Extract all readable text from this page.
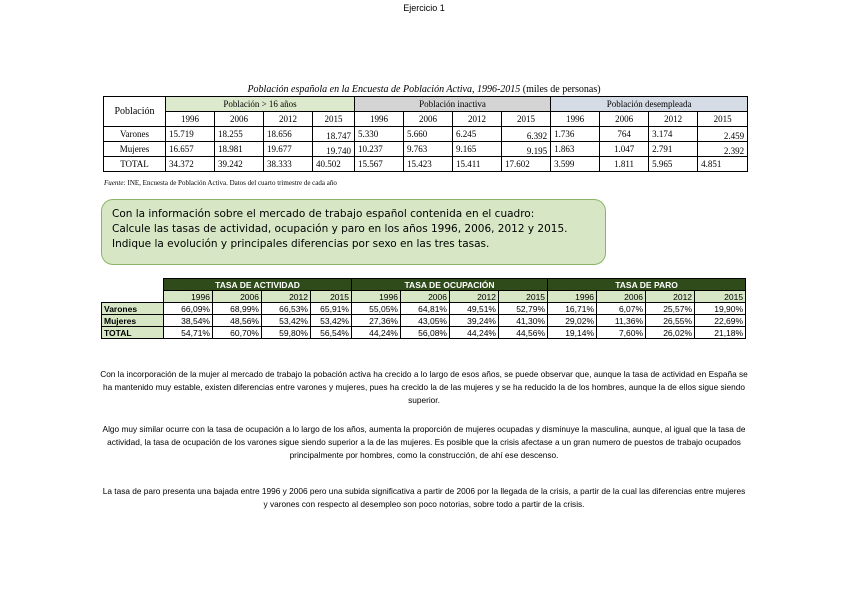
Ejercicio 1
Población española en la Encuesta de Población Activa, 1996-2015 (miles de personas)
Población	Población > 16 años				Población inactiva				Población desempleada			
	1996	2006	2012	2015	1996	2006	2012	2015	1996	2006	2012	2015
Varones	15.719	18.255	18.656	18.747	5.330	5.660	6.245	6.392	1.736	764	3.174	2.459
Mujeres	16.657	18.981	19.677	19.740	10.237	9.763	9.165	9.195	1.863	1.047	2.791	2.392
TOTAL	34.372	39.242	38.333	40.502	15.567	15.423	15.411	17.602	3.599	1.811	5.965	4.851
Fuente: INE, Encuesta de Población Activa. Datos del cuarto trimestre de cada año
Con la información sobre el mercado de trabajo español contenida en el cuadro:
Calcule las tasas de actividad, ocupación y paro en los años 1996, 2006, 2012 y 2015.
Indique la evolución y principales diferencias por sexo en las tres tasas.
	TASA DE ACTIVIDAD				TASA DE OCUPACIÓN				TASA DE PARO			
	1996	2006	2012	2015	1996	2006	2012	2015	1996	2006	2012	2015
Varones	66,09%	68,99%	66,53%	65,91%	55,05%	64,81%	49,51%	52,79%	16,71%	6,07%	25,57%	19,90%
Mujeres	38,54%	48,56%	53,42%	53,42%	27,36%	43,05%	39,24%	41,30%	29,02%	11,36%	26,55%	22,69%
TOTAL	54,71%	60,70%	59,80%	56,54%	44,24%	56,08%	44,24%	44,56%	19,14%	7,60%	26,02%	21,18%
Con la incorporación de la mujer al mercado de trabajo la pobación activa ha crecido a lo largo de esos años, se puede observar que, aunque la tasa de actividad en España se ha mantenido muy estable, existen diferencias entre varones y mujeres, pues ha crecido la de las mujeres y se ha reducido la de los hombres, aunque la de ellos sigue siendo superior.
Algo muy similar ocurre con la tasa de ocupación a lo largo de los años, aumenta la proporción de mujeres ocupadas y disminuye la masculina, aunque, al igual que la tasa de actividad, la tasa de ocupación de los varones sigue siendo superior a la de las mujeres. Es posible que la crisis afectase a un gran numero de puestos de trabajo ocupados principalmente por hombres, como la construcción, de ahí ese descenso.
La tasa de paro presenta una bajada entre 1996 y 2006 pero una subida significativa a partir de 2006 por la llegada de la crisis, a partir de la cual las diferencias entre mujeres y varones con respecto al desempleo son poco notorias, sobre todo a partir de la crisis.
